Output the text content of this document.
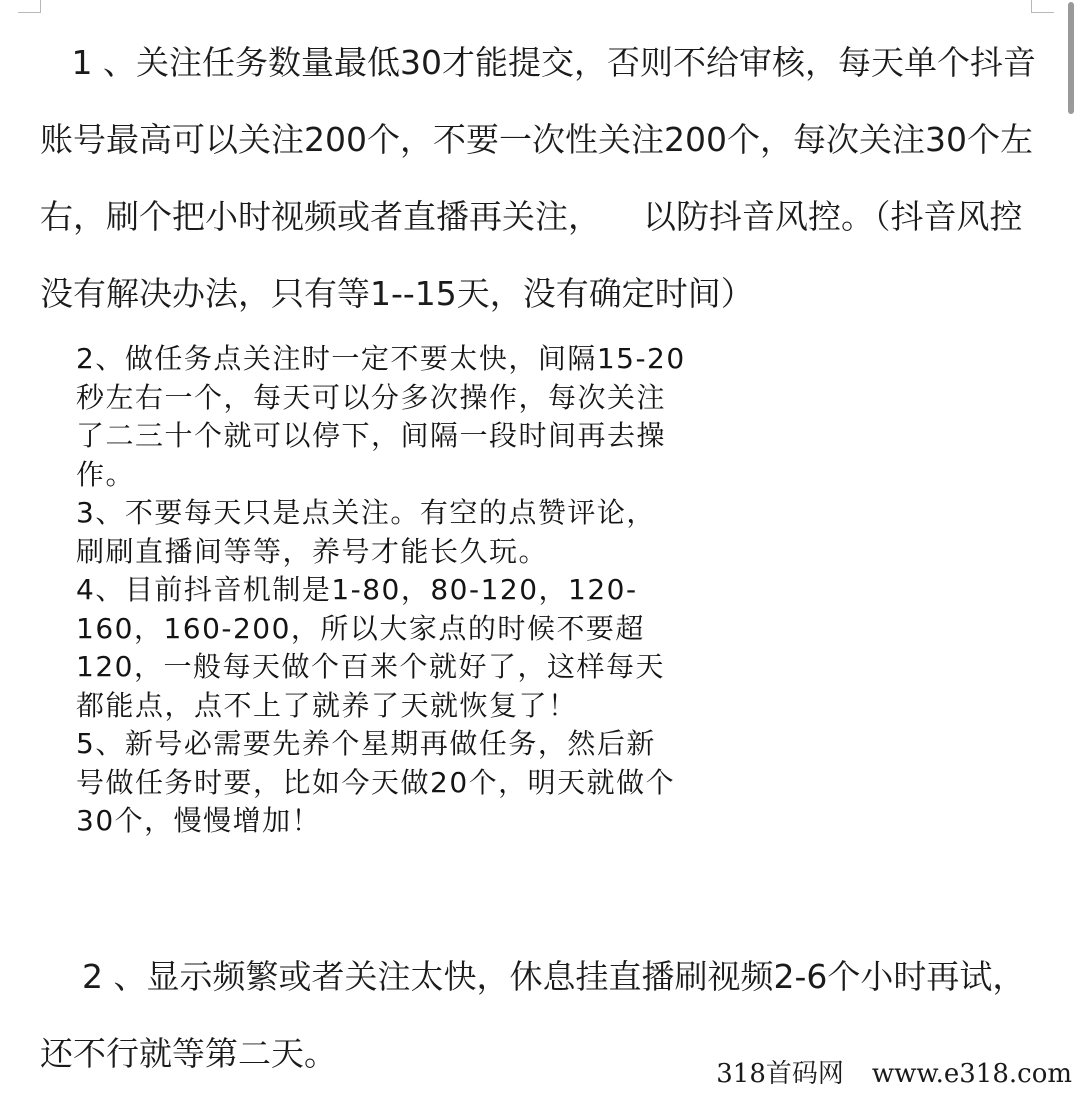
1 、关注任务数量最低30才能提交，否则不给审核，每天单个抖音账号最高可以关注200个，不要一次性关注200个，每次关注30个左右，刷个把小时视频或者直播再关注，    以防抖音风控。（抖音风控没有解决办法，只有等1--15天，没有确定时间）

2、做任务点关注时一定不要太快，间隔15-20
秒左右一个，每天可以分多次操作，每次关注
了二三十个就可以停下，间隔一段时间再去操
作。
3、不要每天只是点关注。有空的点赞评论，
刷刷直播间等等，养号才能长久玩。
4、目前抖音机制是1-80，80-120，120-
160，160-200，所以大家点的时候不要超
120，一般每天做个百来个就好了，这样每天
都能点，点不上了就养了天就恢复了！
5、新号必需要先养个星期再做任务，然后新
号做任务时要，比如今天做20个，明天就做个
30个，慢慢增加！

2 、显示频繁或者关注太快，休息挂直播刷视频2-6个小时再试，还不行就等第二天。

318首码网 www.e318.com
